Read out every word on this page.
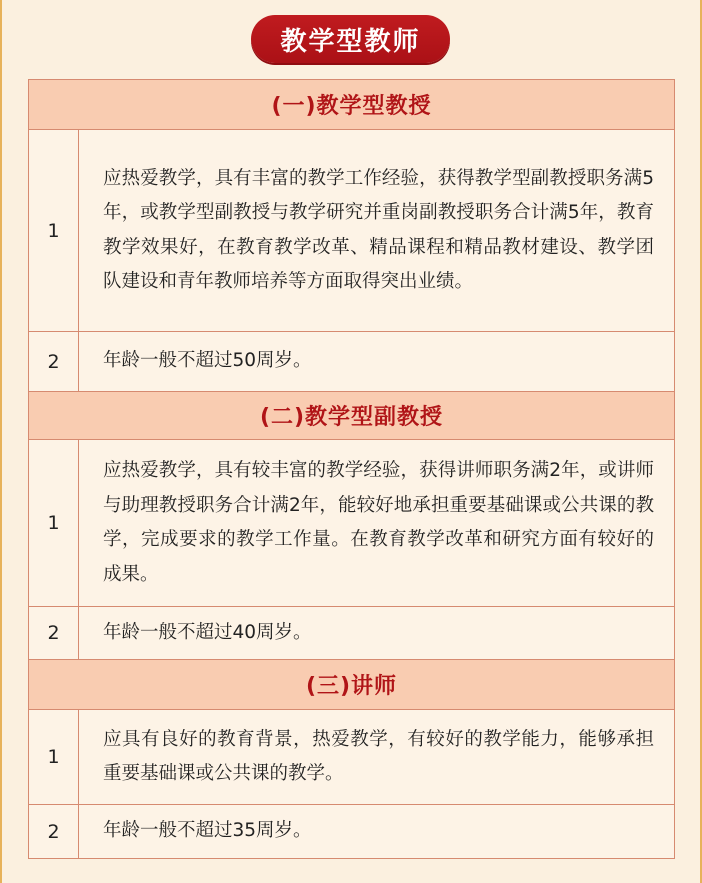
教学型教师
(一)教学型教授	
1	应热爱教学，具有丰富的教学工作经验，获得教学型副教授职务满5年，或教学型副教授与教学研究并重岗副教授职务合计满5年，教育教学效果好，在教育教学改革、精品课程和精品教材建设、教学团队建设和青年教师培养等方面取得突出业绩。
2	年龄一般不超过50周岁。
(二)教学型副教授	
1	应热爱教学，具有较丰富的教学经验，获得讲师职务满2年，或讲师与助理教授职务合计满2年，能较好地承担重要基础课或公共课的教学，完成要求的教学工作量。在教育教学改革和研究方面有较好的成果。
2	年龄一般不超过40周岁。
(三)讲师	
1	应具有良好的教育背景，热爱教学，有较好的教学能力，能够承担重要基础课或公共课的教学。
2	年龄一般不超过35周岁。
